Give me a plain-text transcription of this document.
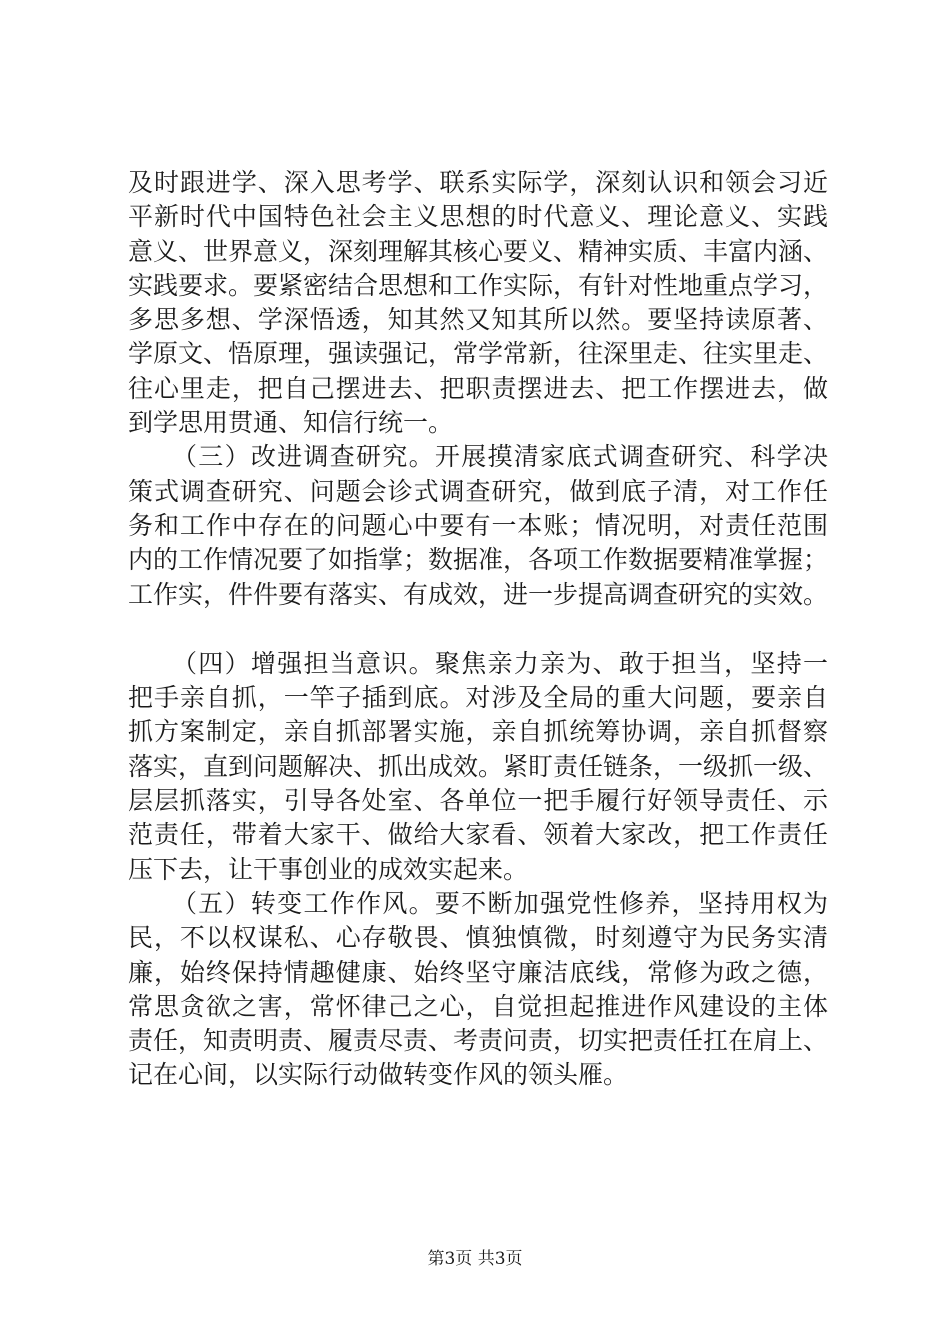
及时跟进学、深入思考学、联系实际学，深刻认识和领会习近
平新时代中国特色社会主义思想的时代意义、理论意义、实践
意义、世界意义，深刻理解其核心要义、精神实质、丰富内涵、
实践要求。要紧密结合思想和工作实际，有针对性地重点学习，
多思多想、学深悟透，知其然又知其所以然。要坚持读原著、
学原文、悟原理，强读强记，常学常新，往深里走、往实里走、
往心里走，把自己摆进去、把职责摆进去、把工作摆进去，做
到学思用贯通、知信行统一。
（三）改进调查研究。开展摸清家底式调查研究、科学决
策式调查研究、问题会诊式调查研究，做到底子清，对工作任
务和工作中存在的问题心中要有一本账；情况明，对责任范围
内的工作情况要了如指掌；数据准，各项工作数据要精准掌握；
工作实，件件要有落实、有成效，进一步提高调查研究的实效。
（四）增强担当意识。聚焦亲力亲为、敢于担当，坚持一
把手亲自抓，一竿子插到底。对涉及全局的重大问题，要亲自
抓方案制定，亲自抓部署实施，亲自抓统筹协调，亲自抓督察
落实，直到问题解决、抓出成效。紧盯责任链条，一级抓一级、
层层抓落实，引导各处室、各单位一把手履行好领导责任、示
范责任，带着大家干、做给大家看、领着大家改，把工作责任
压下去，让干事创业的成效实起来。
（五）转变工作作风。要不断加强党性修养，坚持用权为
民，不以权谋私、心存敬畏、慎独慎微，时刻遵守为民务实清
廉，始终保持情趣健康、始终坚守廉洁底线，常修为政之德，
常思贪欲之害，常怀律己之心，自觉担起推进作风建设的主体
责任，知责明责、履责尽责、考责问责，切实把责任扛在肩上、
记在心间，以实际行动做转变作风的领头雁。
第3页 共3页
